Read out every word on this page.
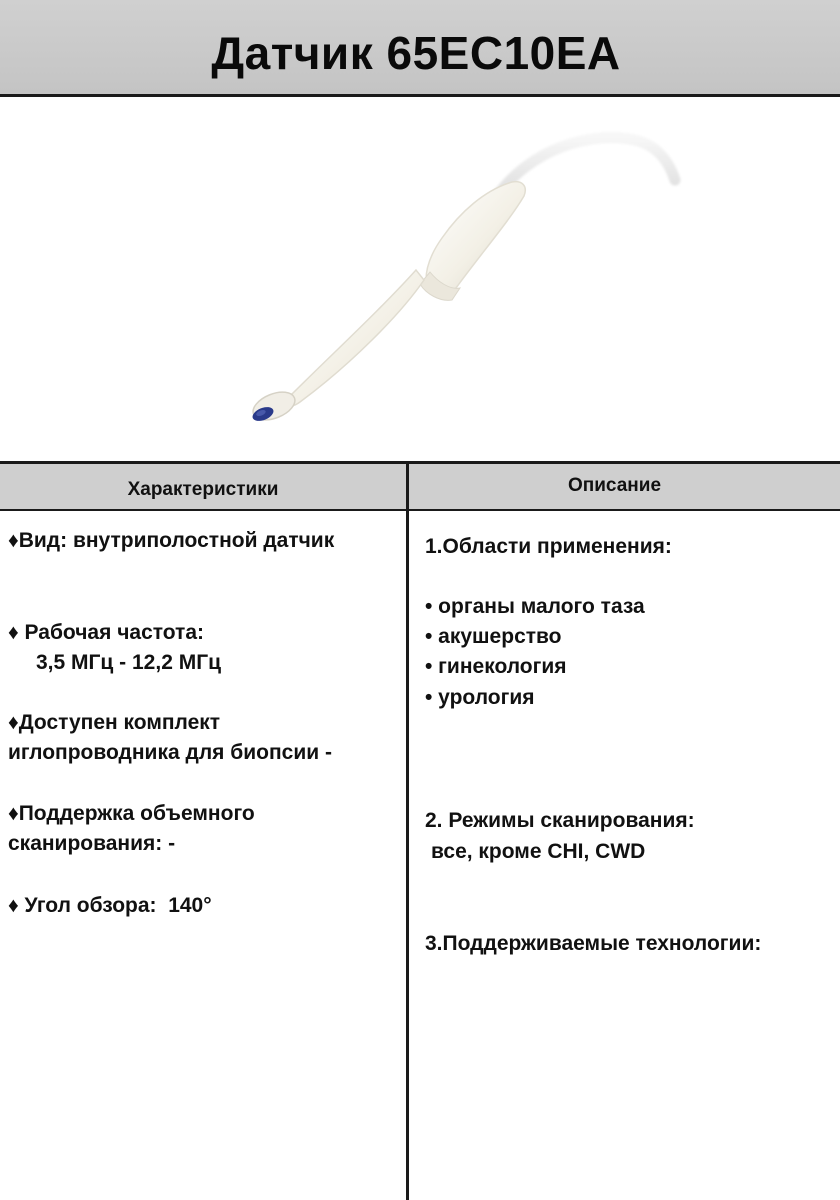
Датчик 65EC10EA
Характеристики	Описание
♦Вид: внутриполостной датчик
♦ Рабочая частота:
3,5 МГц - 12,2 МГц
♦Доступен комплект
иглопроводника для биопсии -
♦Поддержка объемного
сканирования: -
♦ Угол обзора:  140°
1.Области применения:
• органы малого таза
• акушерство
• гинекология
• урология
2. Режимы сканирования:
все, кроме CHI, CWD
3.Поддерживаемые технологии:
